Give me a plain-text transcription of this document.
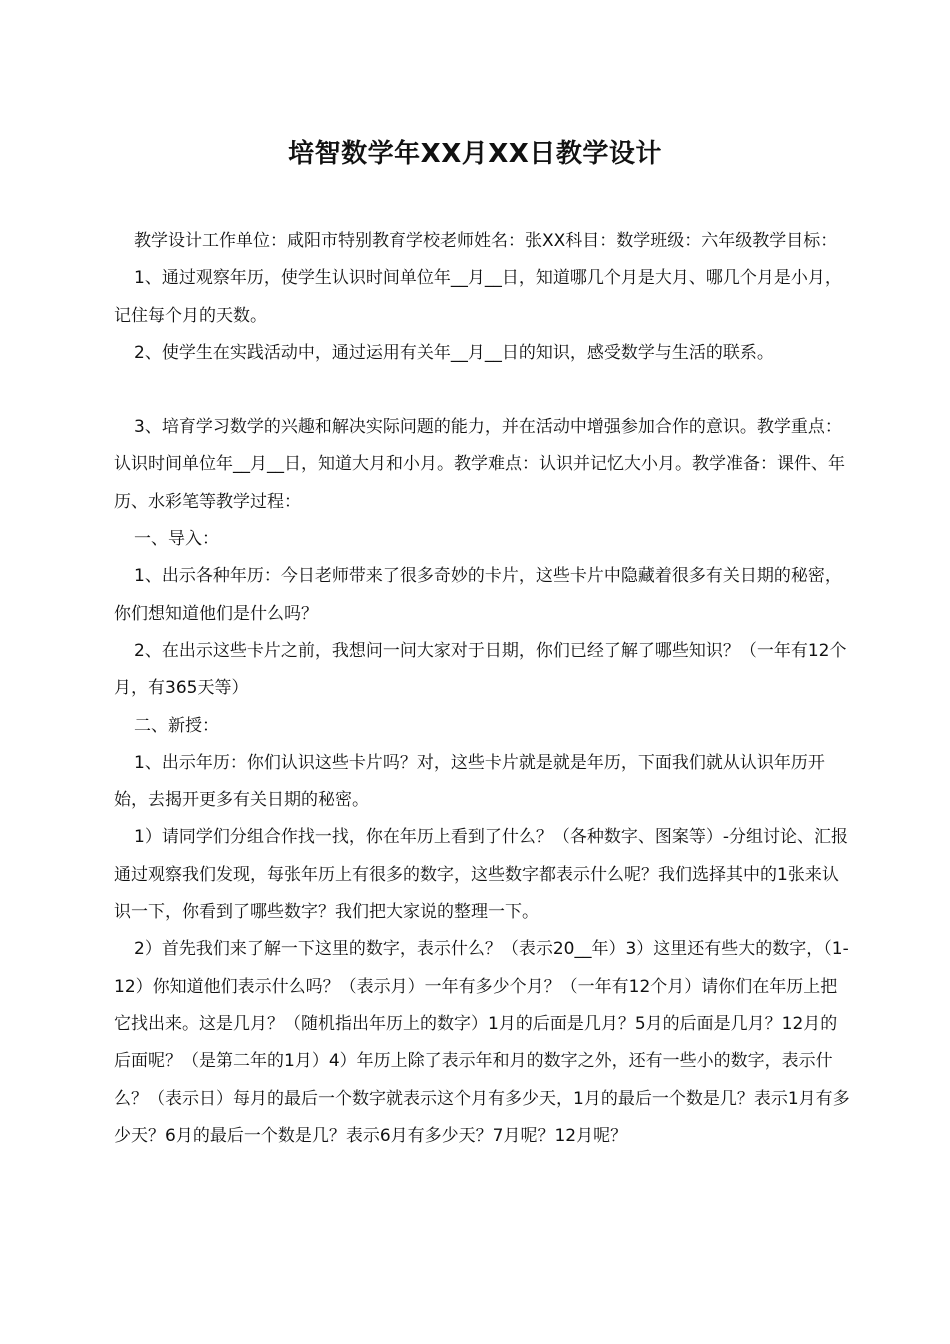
培智数学年XX月XX日教学设计

教学设计工作单位：咸阳市特别教育学校老师姓名：张XX科目：数学班级：六年级教学目标：

1、通过观察年历，使学生认识时间单位年__月__日，知道哪几个月是大月、哪几个月是小月，记住每个月的天数。

2、使学生在实践活动中，通过运用有关年__月__日的知识，感受数学与生活的联系。

3、培育学习数学的兴趣和解决实际问题的能力，并在活动中增强参加合作的意识。教学重点：认识时间单位年__月__日，知道大月和小月。教学难点：认识并记忆大小月。教学准备：课件、年历、水彩笔等教学过程：

一、导入：

1、出示各种年历：今日老师带来了很多奇妙的卡片，这些卡片中隐藏着很多有关日期的秘密，你们想知道他们是什么吗？

2、在出示这些卡片之前，我想问一问大家对于日期，你们已经了解了哪些知识？（一年有12个月，有365天等）

二、新授：

1、出示年历：你们认识这些卡片吗？对，这些卡片就是就是年历，下面我们就从认识年历开始，去揭开更多有关日期的秘密。

1）请同学们分组合作找一找，你在年历上看到了什么？（各种数字、图案等）-分组讨论、汇报通过观察我们发现，每张年历上有很多的数字，这些数字都表示什么呢？我们选择其中的1张来认识一下，你看到了哪些数字？我们把大家说的整理一下。

2）首先我们来了解一下这里的数字，表示什么？（表示20__年）3）这里还有些大的数字，（1-12）你知道他们表示什么吗？（表示月）一年有多少个月？（一年有12个月）请你们在年历上把它找出来。这是几月？（随机指出年历上的数字）1月的后面是几月？5月的后面是几月？12月的后面呢？（是第二年的1月）4）年历上除了表示年和月的数字之外，还有一些小的数字，表示什么？（表示日）每月的最后一个数字就表示这个月有多少天，1月的最后一个数是几？表示1月有多少天？6月的最后一个数是几？表示6月有多少天？7月呢？12月呢？
